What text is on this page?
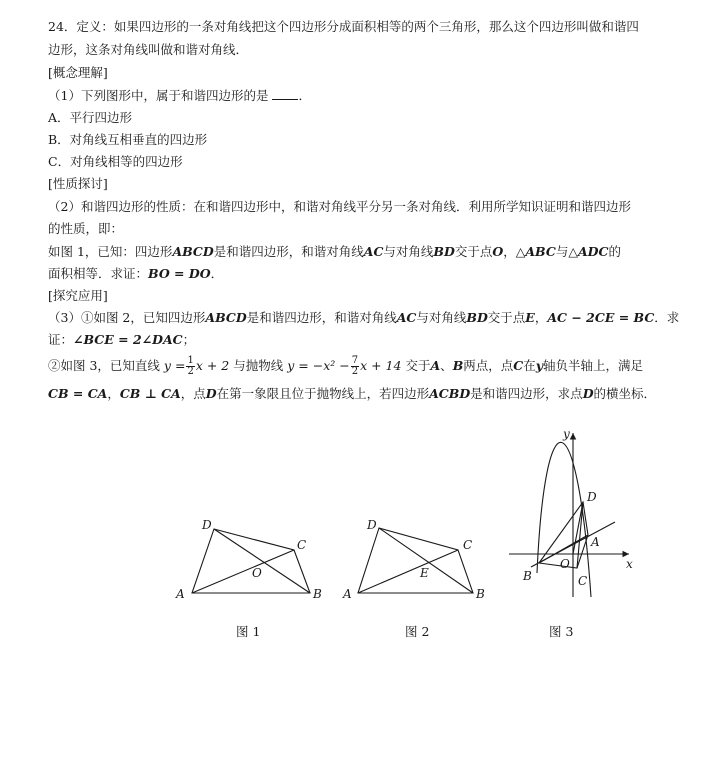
24．定义：如果四边形的一条对角线把这个四边形分成面积相等的两个三角形，那么这个四边形叫做和谐四
边形，这条对角线叫做和谐对角线．
[概念理解]
（1）下列图形中，属于和谐四边形的是 ．
A．平行四边形
B．对角线互相垂直的四边形
C．对角线相等的四边形
[性质探讨]
（2）和谐四边形的性质：在和谐四边形中，和谐对角线平分另一条对角线．利用所学知识证明和谐四边形
的性质，即：
如图 1，已知：四边形ABCD是和谐四边形，和谐对角线AC与对角线BD交于点O，△ABC与△ADC的
面积相等．求证：BO = DO．
[探究应用]
（3）①如图 2，已知四边形ABCD是和谐四边形，和谐对角线AC与对角线BD交于点E，AC − 2CE = BC．求
证：∠BCE = 2∠DAC；
②如图 3，已知直线 $y = \frac{1}{2}$ x + 2 与抛物线 $y = -x^2 - \frac{7}{2}$ x + 14 交于A、B两点，点C在y轴负半轴上，满足
CB = CA，CB ⊥ CA，点D在第一象限且位于抛物线上，若四边形ACBD是和谐四边形，求点D的横坐标．
A	B
C
D
O
图 1
A	B
C
D
E
图 2
y
x
D
A
B
O
C
图 3
